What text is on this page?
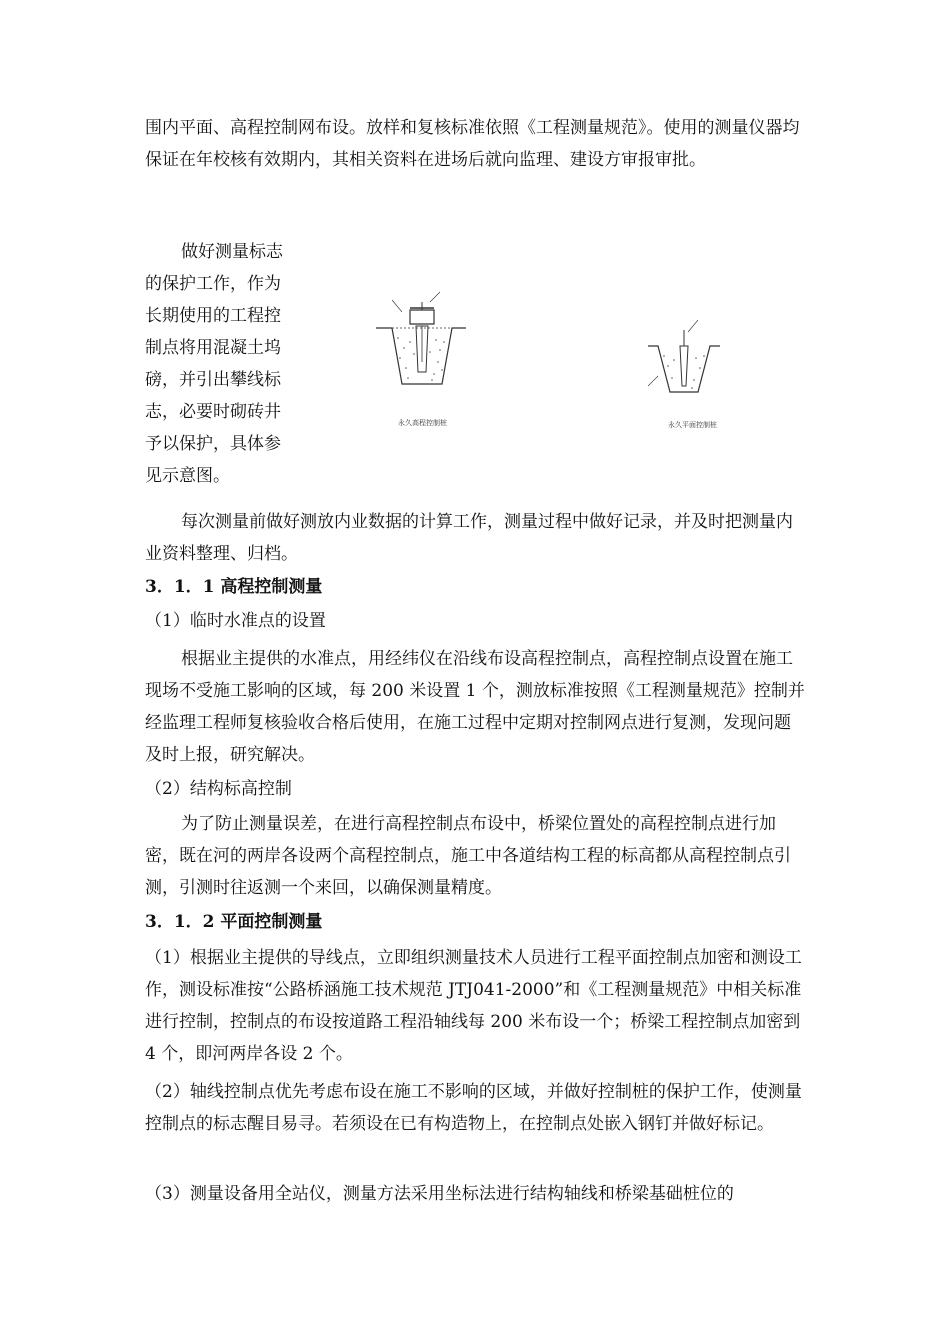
围内平面、高程控制网布设。放样和复核标准依照《工程测量规范》。使用的测量仪器均保证在年校核有效期内，其相关资料在进场后就向监理、建设方审报审批。

做好测量标志的保护工作，作为长期使用的工程控制点将用混凝土坞磅，并引出攀线标志，必要时砌砖井予以保护，具体参见示意图。

永久高程控制桩	永久平面控制桩

每次测量前做好测放内业数据的计算工作，测量过程中做好记录，并及时把测量内业资料整理、归档。

3．1．1 高程控制测量

（1）临时水准点的设置

根据业主提供的水准点，用经纬仪在沿线布设高程控制点，高程控制点设置在施工现场不受施工影响的区域，每 200 米设置 1 个，测放标准按照《工程测量规范》控制并经监理工程师复核验收合格后使用，在施工过程中定期对控制网点进行复测，发现问题及时上报，研究解决。

（2）结构标高控制

为了防止测量误差，在进行高程控制点布设中，桥梁位置处的高程控制点进行加密，既在河的两岸各设两个高程控制点，施工中各道结构工程的标高都从高程控制点引测，引测时往返测一个来回，以确保测量精度。

3．1．2 平面控制测量

（1）根据业主提供的导线点，立即组织测量技术人员进行工程平面控制点加密和测设工作，测设标准按“公路桥涵施工技术规范 JTJ041-2000”和《工程测量规范》中相关标准进行控制，控制点的布设按道路工程沿轴线每 200 米布设一个；桥梁工程控制点加密到 4 个，即河两岸各设 2 个。

（2）轴线控制点优先考虑布设在施工不影响的区域，并做好控制桩的保护工作，使测量控制点的标志醒目易寻。若须设在已有构造物上，在控制点处嵌入钢钉并做好标记。

（3）测量设备用全站仪，测量方法采用坐标法进行结构轴线和桥梁基础桩位的
